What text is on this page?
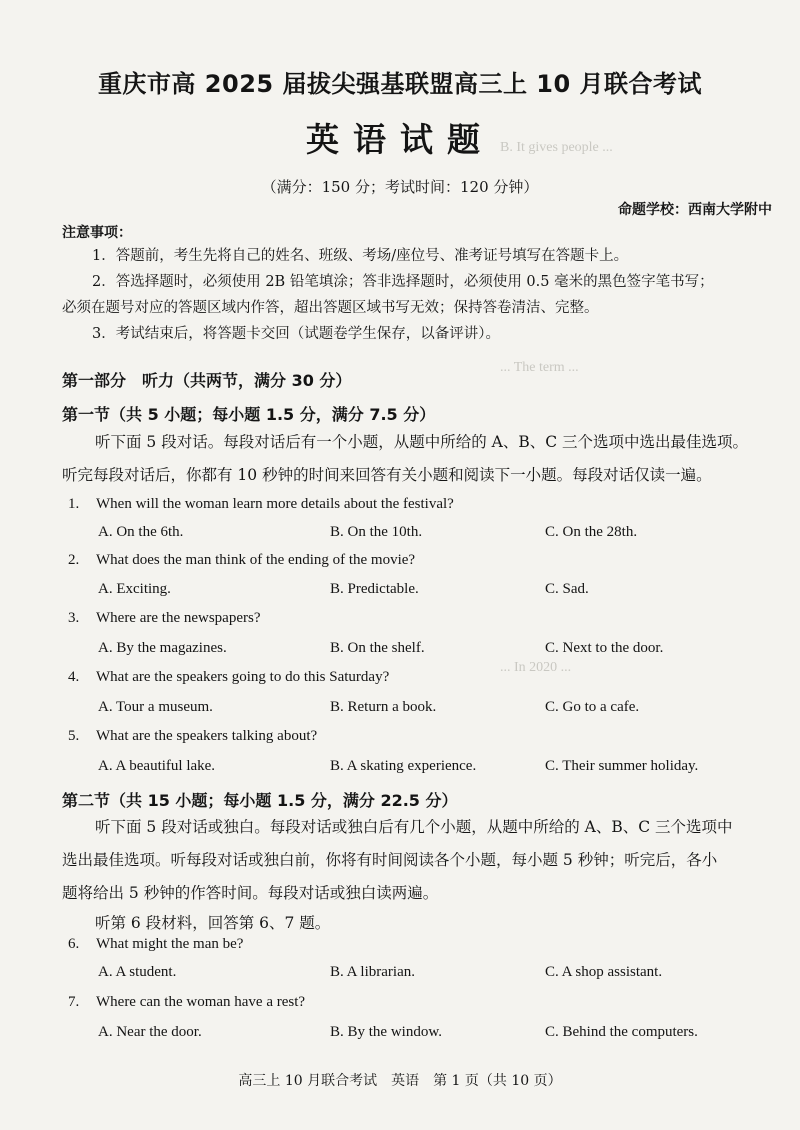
B. It gives people ...
... The term ...
... In 2020 ...
重庆市高 2025 届拔尖强基联盟高三上 10 月联合考试
英语试题
（满分：150 分；考试时间：120 分钟）
命题学校：西南大学附中
注意事项：
1．答题前，考生先将自己的姓名、班级、考场/座位号、准考证号填写在答题卡上。
2．答选择题时，必须使用 2B 铅笔填涂；答非选择题时，必须使用 0.5 毫米的黑色签字笔书写；
必须在题号对应的答题区域内作答，超出答题区域书写无效；保持答卷清洁、完整。
3．考试结束后，将答题卡交回（试题卷学生保存，以备评讲）。
第一部分　听力（共两节，满分 30 分）
第一节（共 5 小题；每小题 1.5 分，满分 7.5 分）
听下面 5 段对话。每段对话后有一个小题，从题中所给的 A、B、C 三个选项中选出最佳选项。
听完每段对话后，你都有 10 秒钟的时间来回答有关小题和阅读下一小题。每段对话仅读一遍。
1. When will the woman learn more details about the festival?
A. On the 6th.	B. On the 10th.	C. On the 28th.
2. What does the man think of the ending of the movie?
A. Exciting.	B. Predictable.	C. Sad.
3. Where are the newspapers?
A. By the magazines.	B. On the shelf.	C. Next to the door.
4. What are the speakers going to do this Saturday?
A. Tour a museum.	B. Return a book.	C. Go to a cafe.
5. What are the speakers talking about?
A. A beautiful lake.	B. A skating experience.	C. Their summer holiday.
第二节（共 15 小题；每小题 1.5 分，满分 22.5 分）
听下面 5 段对话或独白。每段对话或独白后有几个小题，从题中所给的 A、B、C 三个选项中
选出最佳选项。听每段对话或独白前，你将有时间阅读各个小题，每小题 5 秒钟；听完后，各小
题将给出 5 秒钟的作答时间。每段对话或独白读两遍。
听第 6 段材料，回答第 6、7 题。
6. What might the man be?
A. A student.	B. A librarian.	C. A shop assistant.
7. Where can the woman have a rest?
A. Near the door.	B. By the window.	C. Behind the computers.
高三上 10 月联合考试　英语　第 1 页（共 10 页）
